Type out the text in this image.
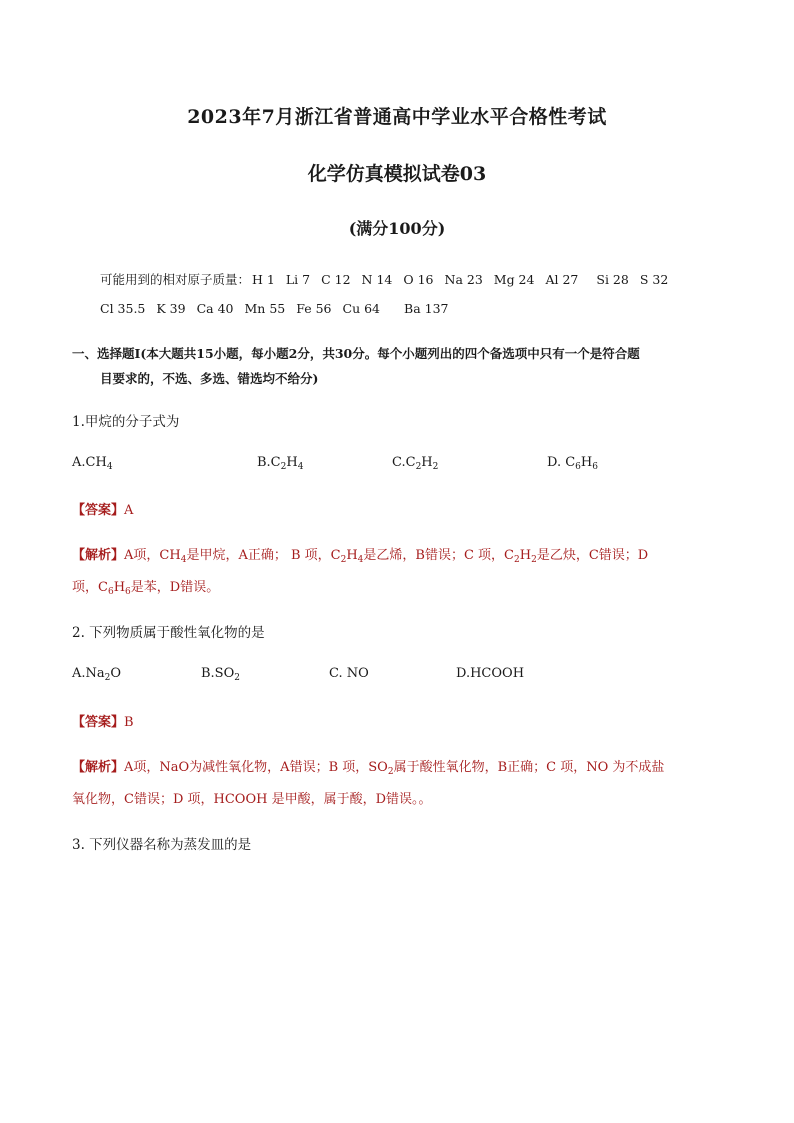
2023年7月浙江省普通高中学业水平合格性考试
化学仿真模拟试卷03
(满分100分)
可能用到的相对原子质量： H 1 Li 7 C 12 N 14 O 16 Na 23 Mg 24 Al 27 Si 28 S 32
Cl 35.5 K 39 Ca 40 Mn 55 Fe 56 Cu 64 Ba 137
一、选择题Ⅰ(本大题共15小题，每小题2分，共30分。每个小题列出的四个备选项中只有一个是符合题
目要求的，不选、多选、错选均不给分)
1.甲烷的分子式为
$A.CH_4$	$B.C_2H_4$	$C.C_2H_2$	D. $C_6H_6$
【答案】A
【解析】A项，$CH_4$是甲烷，A正确； B 项，$C_2H_4$是乙烯，B错误；C 项，$C_2H_2$是乙炔，C错误；D
项，$C_6H_6$是苯，D错误。
2. 下列物质属于酸性氧化物的是
$A.Na_2O$	$B.SO_2$	C. NO	D.HCOOH
【答案】B
【解析】A项，NaO为减性氧化物，A错误；B 项，$SO_2$属于酸性氧化物，B正确；C 项，NO 为不成盐
氧化物，C错误；D 项，HCOOH 是甲酸，属于酸，D错误。。
3. 下列仪器名称为蒸发皿的是
